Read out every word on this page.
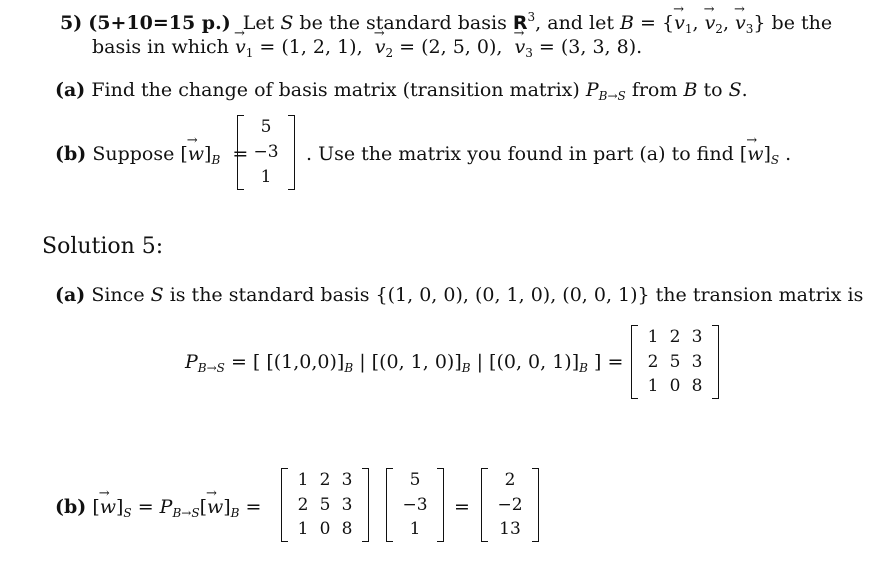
5) (5+10=15 p.) Let S be the standard basis $R^3$, and let B = {→ $v_1$, → $v_2$, → $v_3$} be the
basis in which → $v_1 = (1$, 2, 1), → $v_2 = (2$, 5, 0), → $v_3 = (3$, 3, 8).
(a) Find the change of basis matrix (transition matrix) $P_{B\to S}$ from B to S.
(b) Suppose [→ $w]_B$ =
5
−3
1
. Use the matrix you found in part (a) to find [→ $w]_S$ .
Solution 5:
(a) Since S is the standard basis {(1, 0, 0), (0, 1, 0), (0, 0, 1)} the transion matrix is
$P_{B\to S}$ = [ $[(1,0,0)]_B$ | [(0, 1, $0)]_B$ | [(0, 0, $1)]_B$ ] =
1 2 3
2 5 3
1 0 8
(b) [→ $w]_S = P_{B\to S}[\to w]_B$ =
1 2 3
2 5 3
1 0 8
5
−3
1
=
2
−2
13
